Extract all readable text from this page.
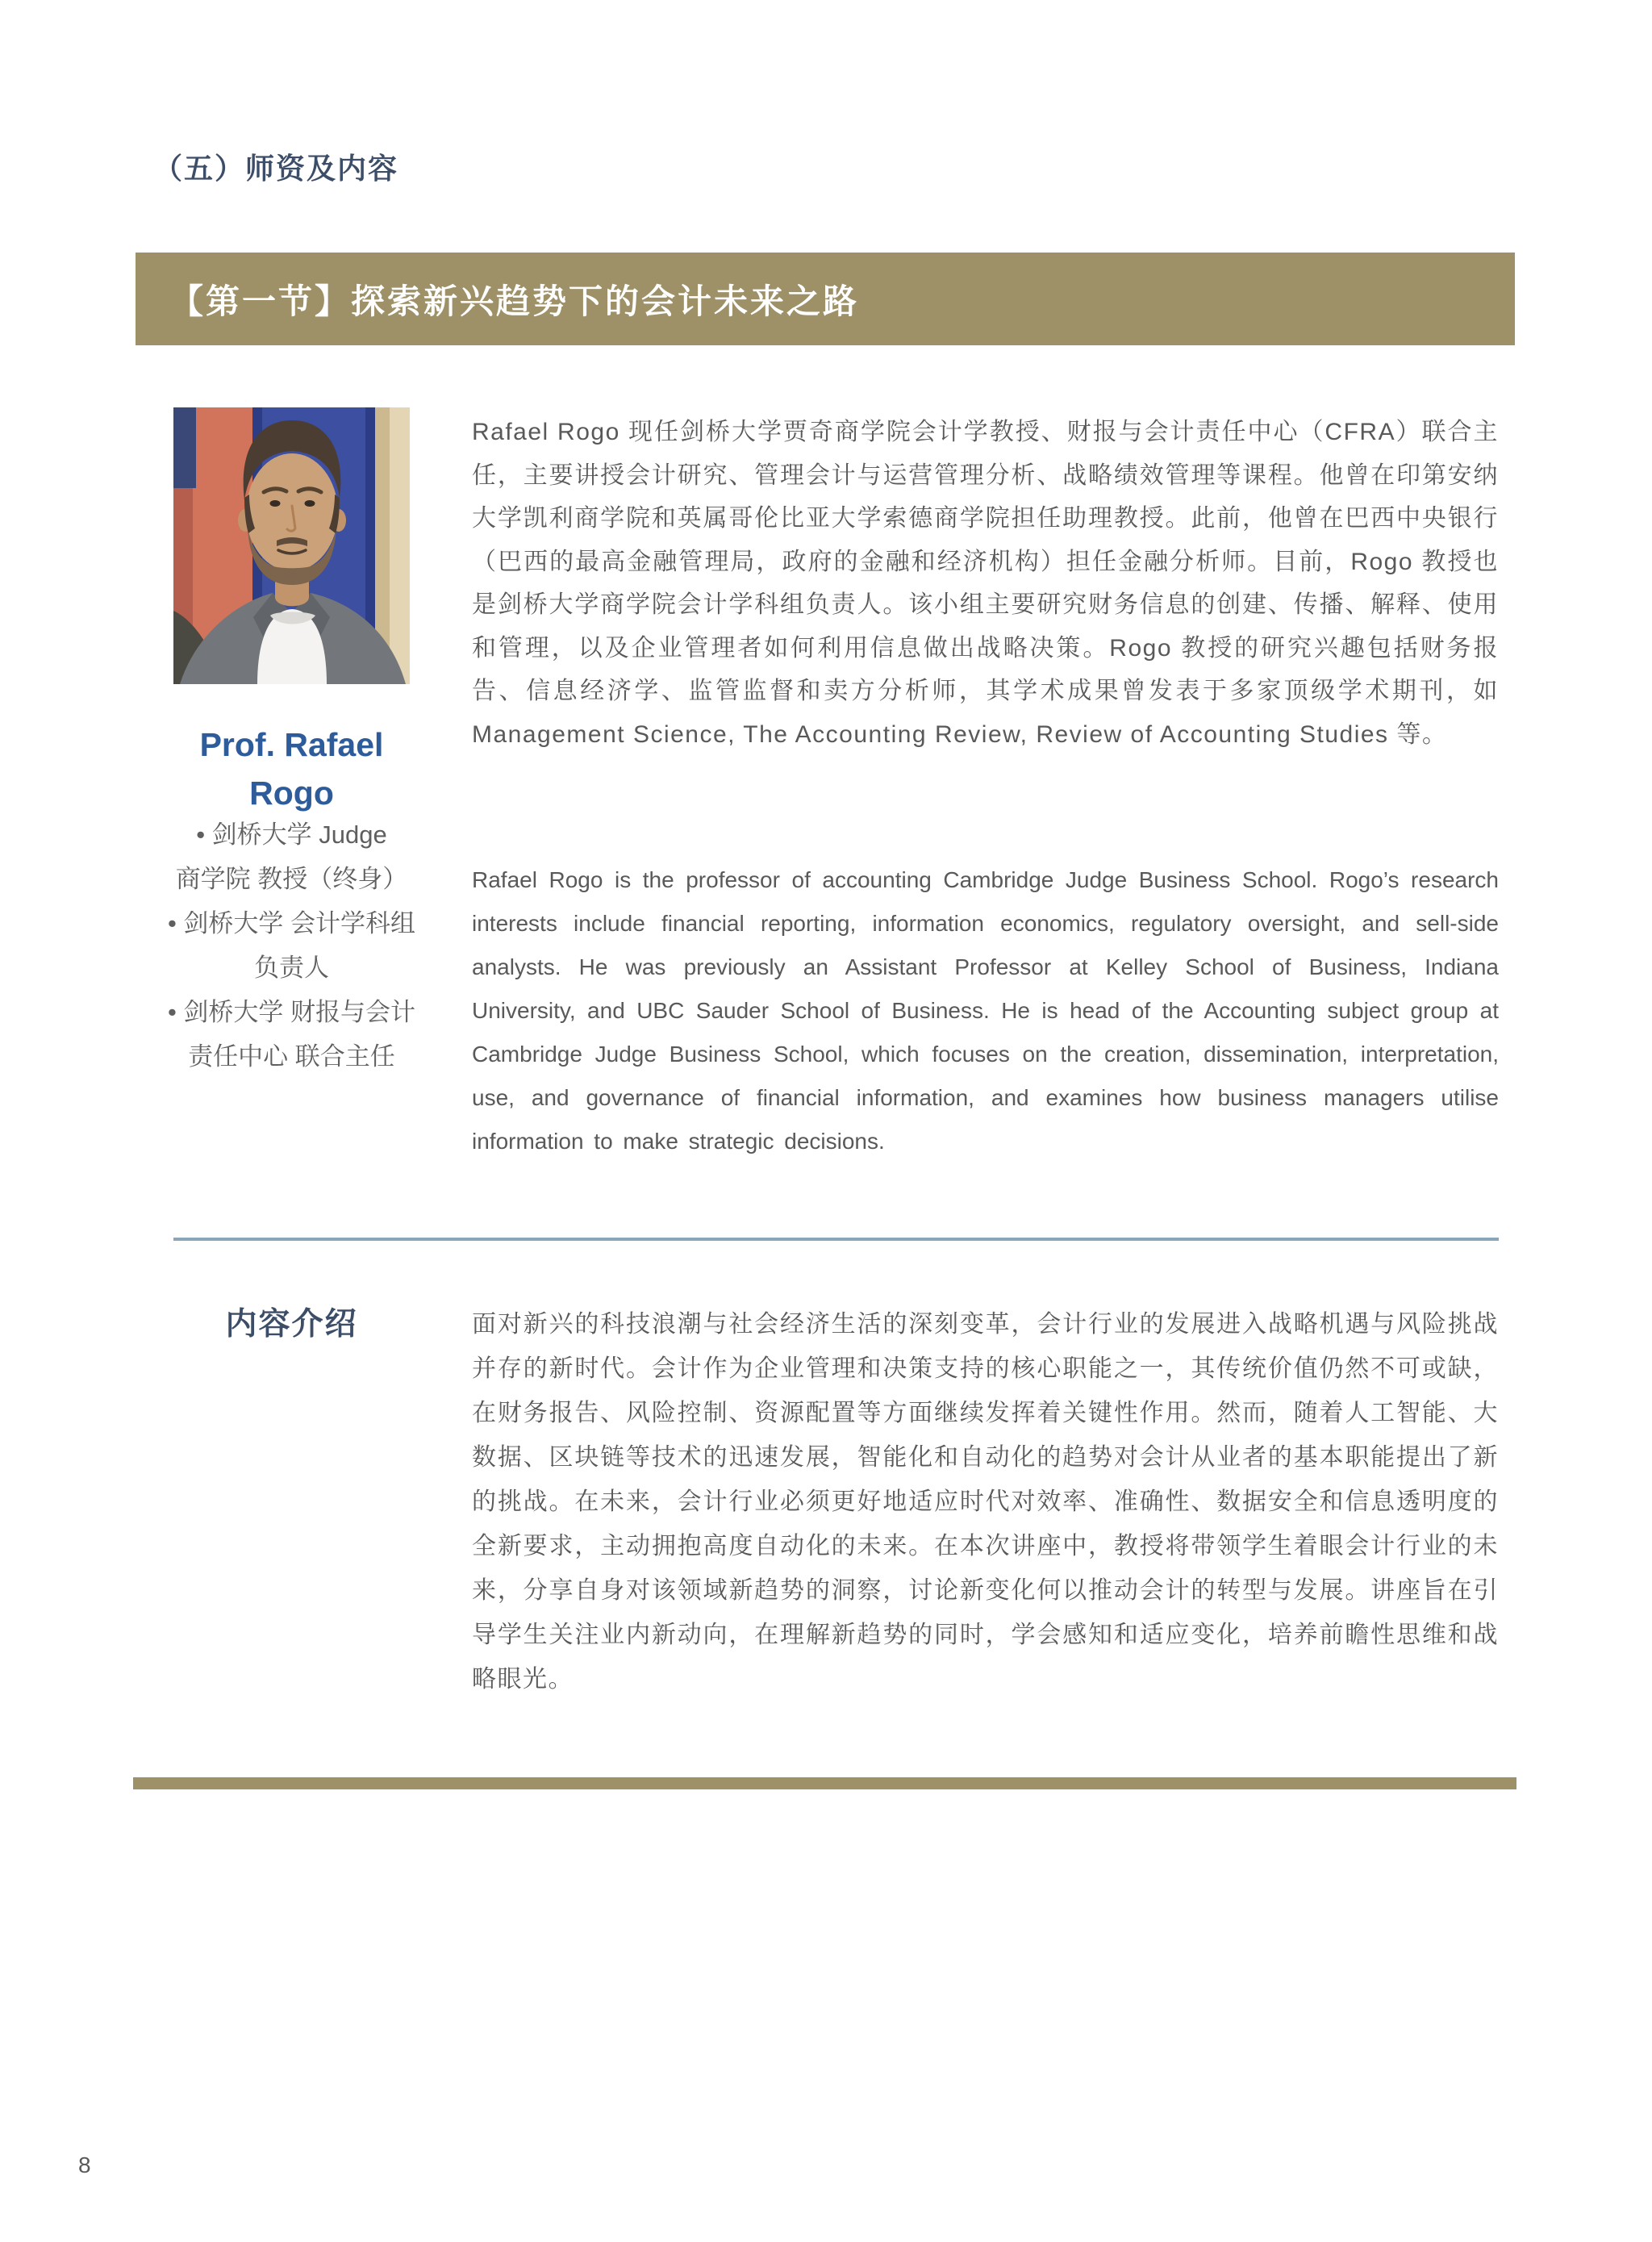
（五）师资及内容
【第一节】探索新兴趋势下的会计未来之路
Prof. Rafael
Rogo
• 剑桥大学 Judge
商学院 教授（终身）
• 剑桥大学 会计学科组
负责人
• 剑桥大学 财报与会计
责任中心 联合主任

Rafael Rogo 现任剑桥大学贾奇商学院会计学教授、财报与会计责任中心（CFRA）联合主任，主要讲授会计研究、管理会计与运营管理分析、战略绩效管理等课程。他曾在印第安纳大学凯利商学院和英属哥伦比亚大学索德商学院担任助理教授。此前，他曾在巴西中央银行（巴西的最高金融管理局，政府的金融和经济机构）担任金融分析师。目前，Rogo 教授也是剑桥大学商学院会计学科组负责人。该小组主要研究财务信息的创建、传播、解释、使用和管理，以及企业管理者如何利用信息做出战略决策。Rogo 教授的研究兴趣包括财务报告、信息经济学、监管监督和卖方分析师，其学术成果曾发表于多家顶级学术期刊，如 Management Science, The Accounting Review, Review of Accounting Studies 等。

Rafael Rogo is the professor of accounting Cambridge Judge Business School. Rogo’s research interests include financial reporting, information economics, regulatory oversight, and sell-side analysts. He was previously an Assistant Professor at Kelley School of Business, Indiana University, and UBC Sauder School of Business. He is head of the Accounting subject group at Cambridge Judge Business School, which focuses on the creation, dissemination, interpretation, use, and governance of financial information, and examines how business managers utilise information to make strategic decisions.

内容介绍	面对新兴的科技浪潮与社会经济生活的深刻变革，会计行业的发展进入战略机遇与风险挑战并存的新时代。会计作为企业管理和决策支持的核心职能之一，其传统价值仍然不可或缺，在财务报告、风险控制、资源配置等方面继续发挥着关键性作用。然而，随着人工智能、大数据、区块链等技术的迅速发展，智能化和自动化的趋势对会计从业者的基本职能提出了新的挑战。在未来，会计行业必须更好地适应时代对效率、准确性、数据安全和信息透明度的全新要求，主动拥抱高度自动化的未来。在本次讲座中，教授将带领学生着眼会计行业的未来，分享自身对该领域新趋势的洞察，讨论新变化何以推动会计的转型与发展。讲座旨在引导学生关注业内新动向，在理解新趋势的同时，学会感知和适应变化，培养前瞻性思维和战略眼光。

8
